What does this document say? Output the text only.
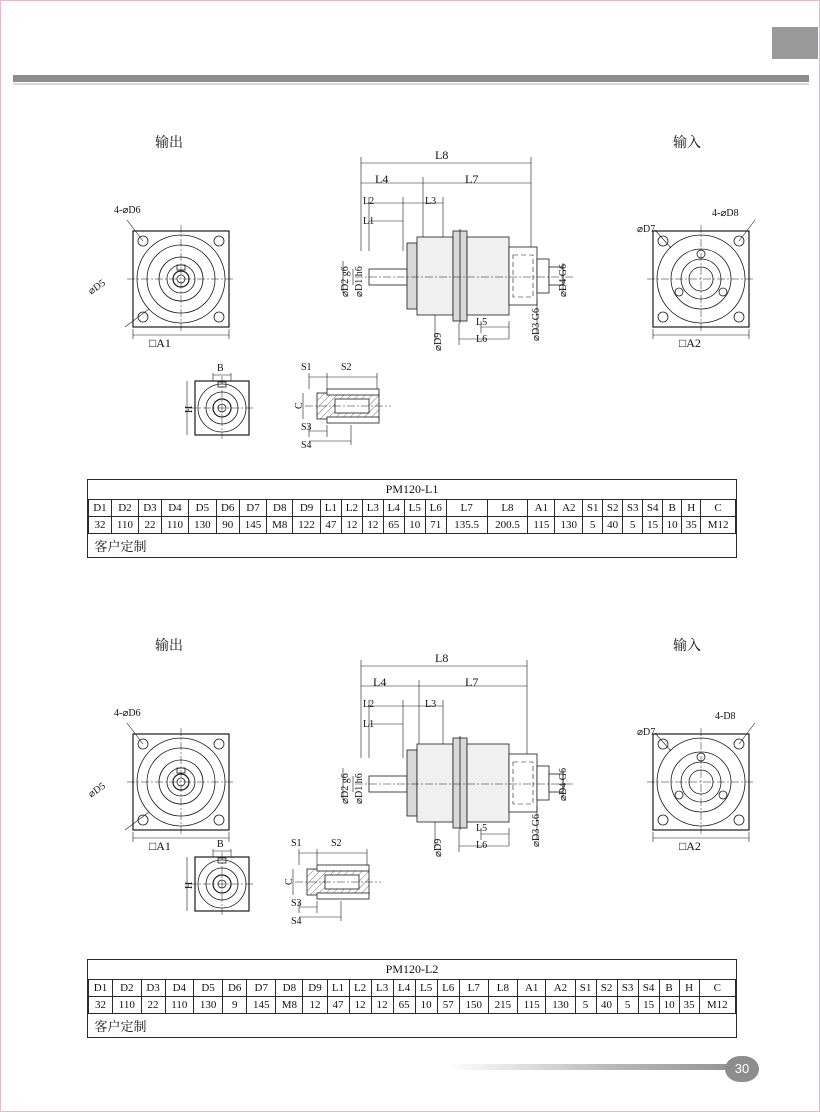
输出	输入
4-⌀D6
⌀D5
□A1
L8
L4	L7
L2	L3
L1
⌀D2 g6 ⌀D1 h6
⌀D9
L5
L6	⌀D3 G6
⌀D4 G6
4-⌀D8
⌀D7
□A2
B
H
S1	S2
S3
S4
C
PM120-L1																									
D1	D2	D3	D4	D5	D6	D7	D8	D9	L1	L2	L3	L4	L5	L6	L7	L8	A1	A2	S1	S2	S3	S4	B	H	C
32	110	22	110	130	90	145	M8	122	47	12	12	65	10	71	135.5	200.5	115	130	5	40	5	15	10	35	M12
客户定制																									
输出	输入
4-⌀D6
⌀D5
□A1
L8
L4	L7
L2	L3
L1
⌀D2 g6 ⌀D1 h6
⌀D9
L5
L6	⌀D3 G6
⌀D4 G6
4-D8
⌀D7
□A2
B
H
S1	S2
S3
S4
C
PM120-L2																									
D1	D2	D3	D4	D5	D6	D7	D8	D9	L1	L2	L3	L4	L5	L6	L7	L8	A1	A2	S1	S2	S3	S4	B	H	C
32	110	22	110	130	9	145	M8	12	47	12	12	65	10	57	150	215	115	130	5	40	5	15	10	35	M12
客户定制																									
30
